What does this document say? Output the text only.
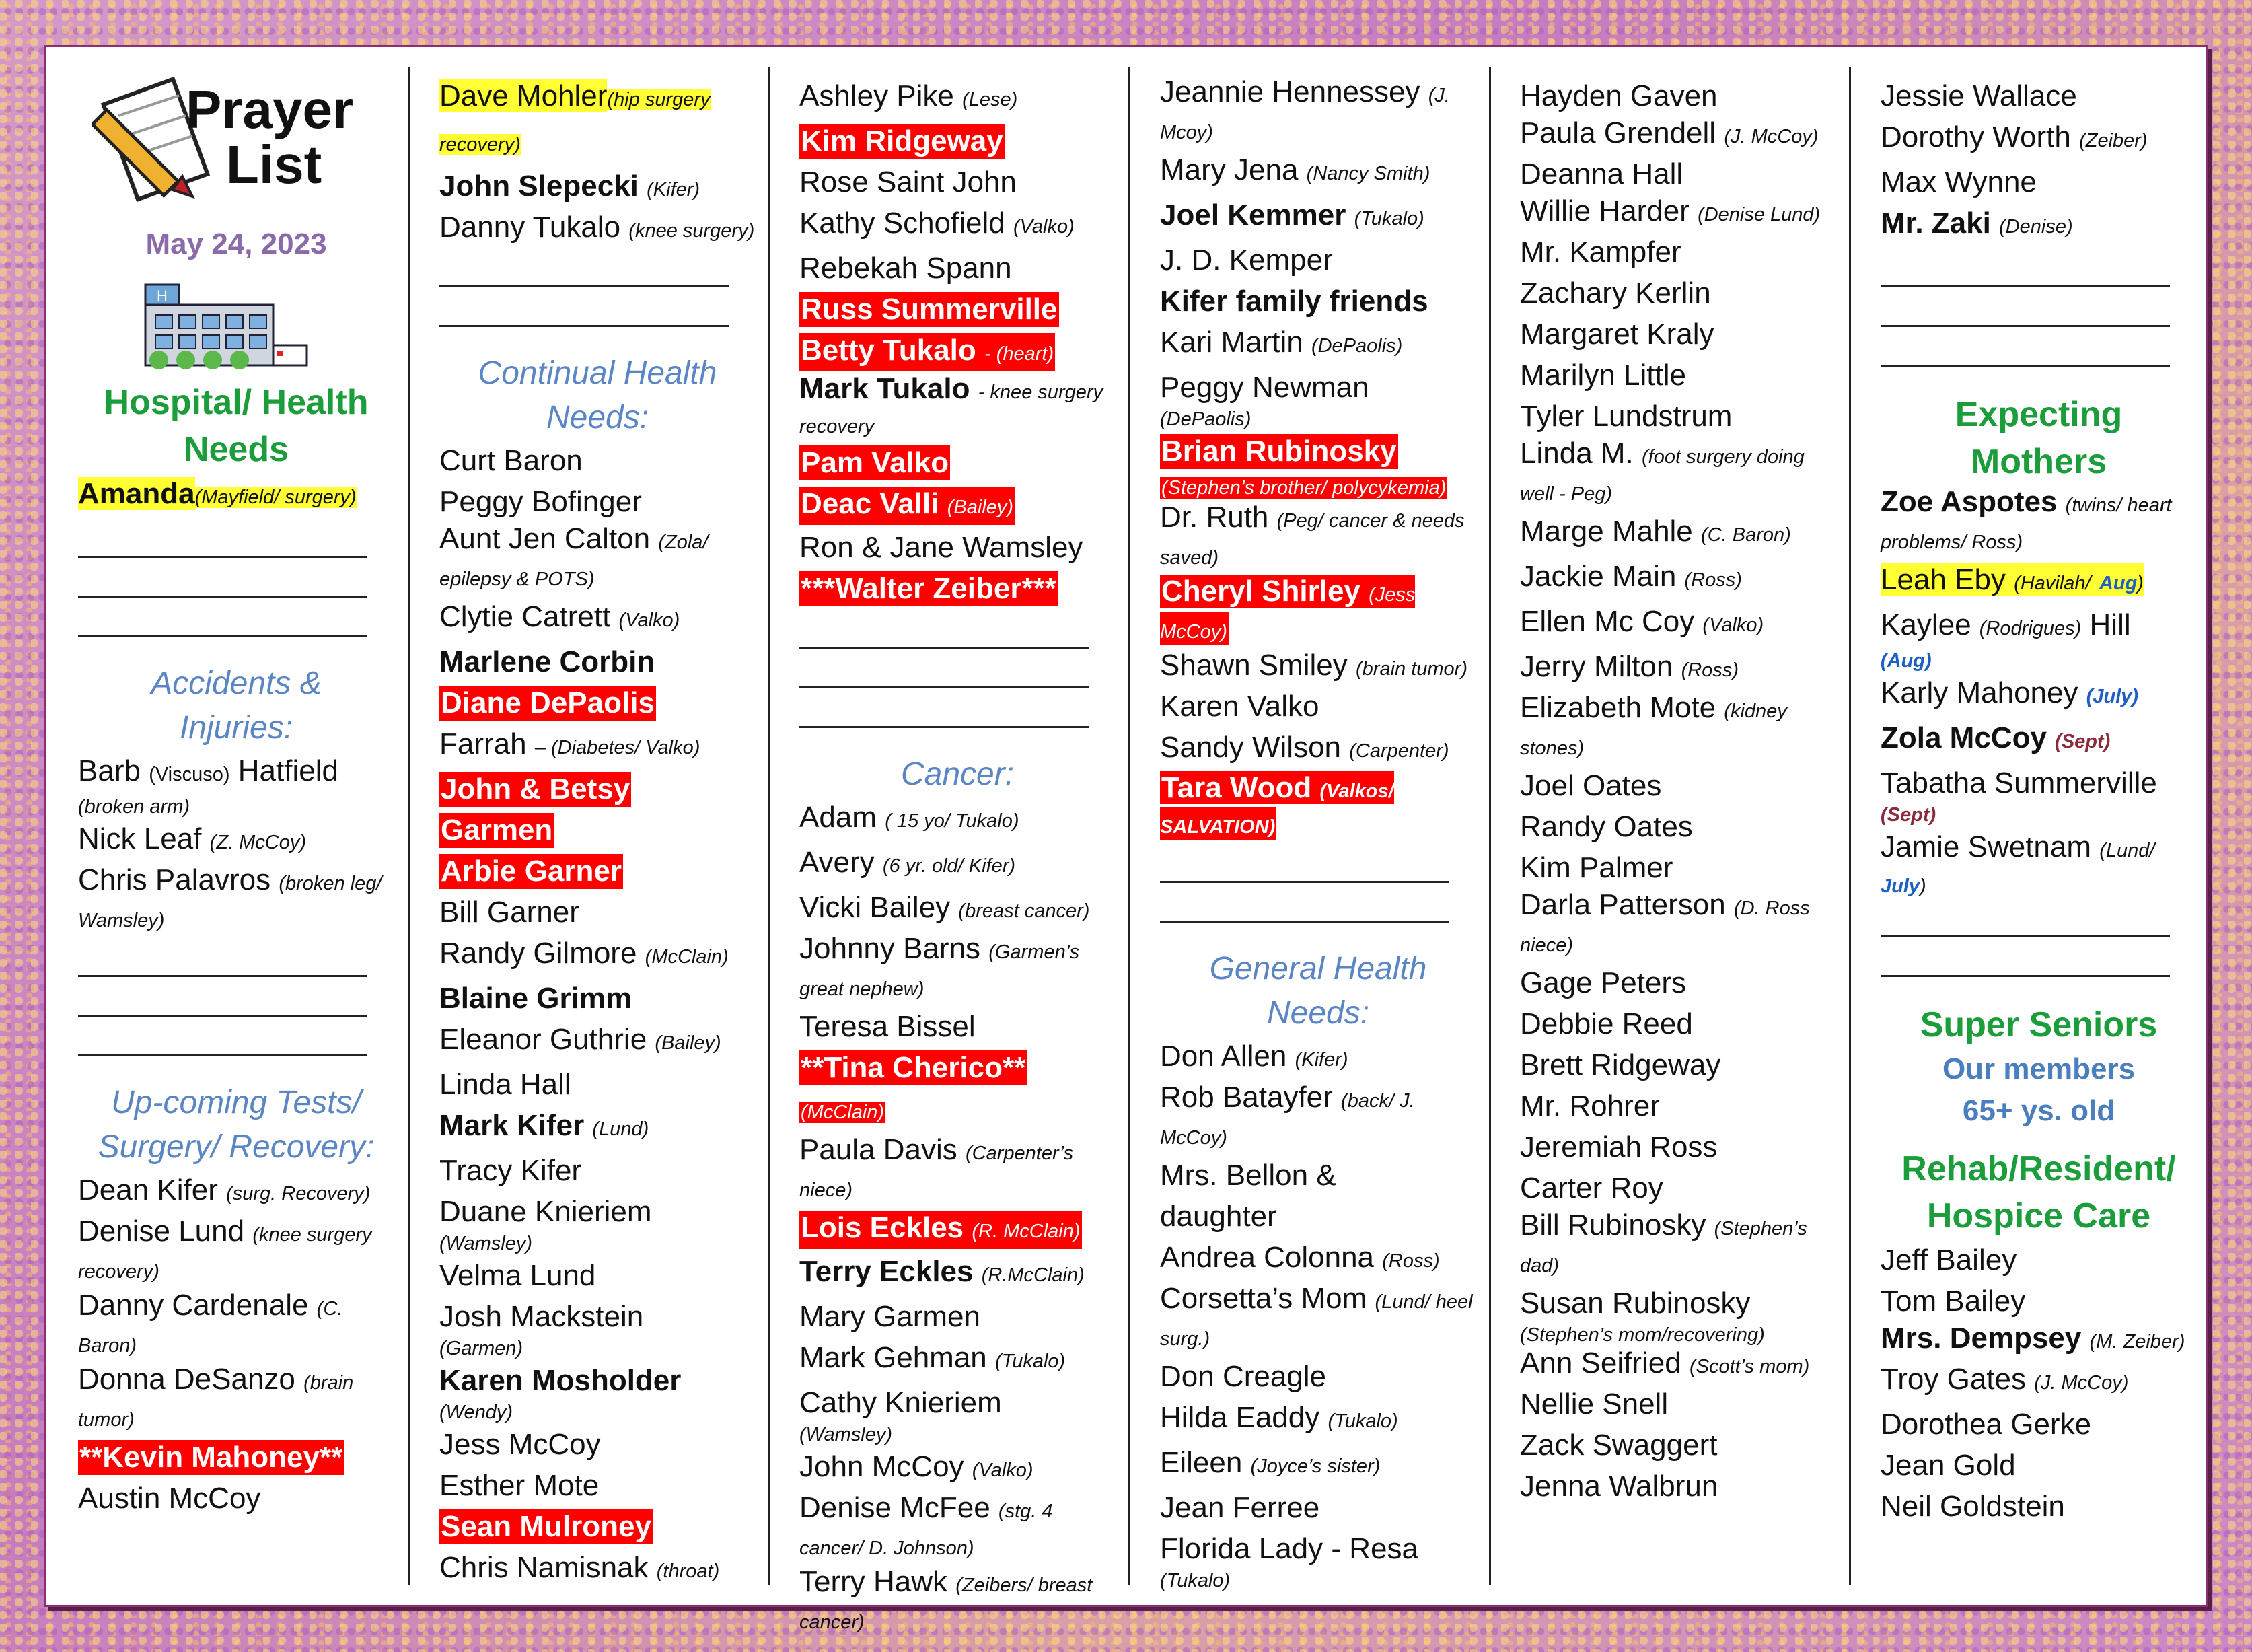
Prayer
List
May 24, 2023
H
Hospital/ Health Needs
Amanda(Mayfield/ surgery)
Accidents & Injuries:
Barb (Viscuso) Hatfield
(broken arm)
Nick Leaf (Z. McCoy)
Chris Palavros (broken leg/ Wamsley)
Up-coming Tests/ Surgery/ Recovery:
Dean Kifer (surg. Recovery)
Denise Lund (knee surgery recovery)
Danny Cardenale (C. Baron)
Donna DeSanzo (brain tumor)
**Kevin Mahoney**
Austin McCoy
Dave Mohler(hip surgery recovery)
John Slepecki (Kifer)
Danny Tukalo (knee surgery)
Continual Health Needs:
Curt Baron
Peggy Bofinger
Aunt Jen Calton (Zola/ epilepsy & POTS)
Clytie Catrett (Valko)
Marlene Corbin
Diane DePaolis
Farrah – (Diabetes/ Valko)
John & Betsy
Garmen
Arbie Garner
Bill Garner
Randy Gilmore (McClain)
Blaine Grimm
Eleanor Guthrie (Bailey)
Linda Hall
Mark Kifer (Lund)
Tracy Kifer
Duane Knieriem
(Wamsley)
Velma Lund
Josh Mackstein
(Garmen)
Karen Mosholder
(Wendy)
Jess McCoy
Esther Mote
Sean Mulroney
Chris Namisnak (throat)
Ashley Pike (Lese)
Kim Ridgeway
Rose Saint John
Kathy Schofield (Valko)
Rebekah Spann
Russ Summerville
Betty Tukalo - (heart)
Mark Tukalo - knee surgery recovery
Pam Valko
Deac Valli (Bailey)
Ron & Jane Wamsley
***Walter Zeiber***
Cancer:
Adam ( 15 yo/ Tukalo)
Avery (6 yr. old/ Kifer)
Vicki Bailey (breast cancer)
Johnny Barns (Garmen’s great nephew)
Teresa Bissel
**Tina Cherico**
(McClain)
Paula Davis (Carpenter’s niece)
Lois Eckles (R. McClain)
Terry Eckles (R.McClain)
Mary Garmen
Mark Gehman (Tukalo)
Cathy Knieriem
(Wamsley)
John McCoy (Valko)
Denise McFee (stg. 4 cancer/ D. Johnson)
Terry Hawk (Zeibers/ breast cancer)
Jeannie Hennessey (J. Mcoy)
Mary Jena (Nancy Smith)
Joel Kemmer (Tukalo)
J. D. Kemper
Kifer family friends
Kari Martin (DePaolis)
Peggy Newman
(DePaolis)
Brian Rubinosky
(Stephen’s brother/ polycykemia)
Dr. Ruth (Peg/ cancer & needs saved)
Cheryl Shirley (Jess McCoy)
Shawn Smiley (brain tumor)
Karen Valko
Sandy Wilson (Carpenter)
Tara Wood (Valkos/ SALVATION)
General Health Needs:
Don Allen (Kifer)
Rob Batayfer (back/ J. McCoy)
Mrs. Bellon &
daughter
Andrea Colonna (Ross)
Corsetta’s Mom (Lund/ heel surg.)
Don Creagle
Hilda Eaddy (Tukalo)
Eileen (Joyce’s sister)
Jean Ferree
Florida Lady - Resa
(Tukalo)
Hayden Gaven
Paula Grendell (J. McCoy)
Deanna Hall
Willie Harder (Denise Lund)
Mr. Kampfer
Zachary Kerlin
Margaret Kraly
Marilyn Little
Tyler Lundstrum
Linda M. (foot surgery doing well - Peg)
Marge Mahle (C. Baron)
Jackie Main (Ross)
Ellen Mc Coy (Valko)
Jerry Milton (Ross)
Elizabeth Mote (kidney stones)
Joel Oates
Randy Oates
Kim Palmer
Darla Patterson (D. Ross niece)
Gage Peters
Debbie Reed
Brett Ridgeway
Mr. Rohrer
Jeremiah Ross
Carter Roy
Bill Rubinosky (Stephen’s dad)
Susan Rubinosky
(Stephen’s mom/recovering)
Ann Seifried (Scott’s mom)
Nellie Snell
Zack Swaggert
Jenna Walbrun
Jessie Wallace
Dorothy Worth (Zeiber)
Max Wynne
Mr. Zaki (Denise)
Expecting Mothers
Zoe Aspotes (twins/ heart problems/ Ross)
Leah Eby (Havilah/ Aug)
Kaylee (Rodrigues) Hill
(Aug)
Karly Mahoney (July)
Zola McCoy (Sept)
Tabatha Summerville
(Sept)
Jamie Swetnam (Lund/
July)
Super Seniors
Our members
65+ ys. old
Rehab/Resident/ Hospice Care
Jeff Bailey
Tom Bailey
Mrs. Dempsey (M. Zeiber)
Troy Gates (J. McCoy)
Dorothea Gerke
Jean Gold
Neil Goldstein
